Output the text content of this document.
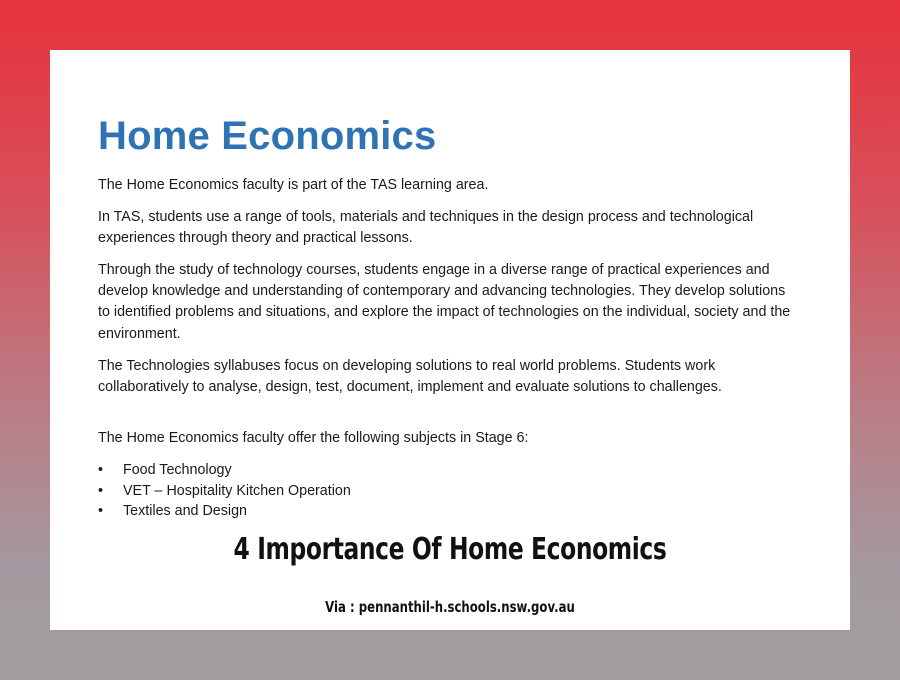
Home Economics

The Home Economics faculty is part of the TAS learning area.

In TAS, students use a range of tools, materials and techniques in the design process and technological experiences through theory and practical lessons.

Through the study of technology courses, students engage in a diverse range of practical experiences and develop knowledge and understanding of contemporary and advancing technologies. They develop solutions to identified problems and situations, and explore the impact of technologies on the individual, society and the environment.

The Technologies syllabuses focus on developing solutions to real world problems. Students work collaboratively to analyse, design, test, document, implement and evaluate solutions to challenges.

The Home Economics faculty offer the following subjects in Stage 6:

• Food Technology
• VET – Hospitality Kitchen Operation
• Textiles and Design
4 Importance Of Home Economics

Via : pennanthil-h.schools.nsw.gov.au
